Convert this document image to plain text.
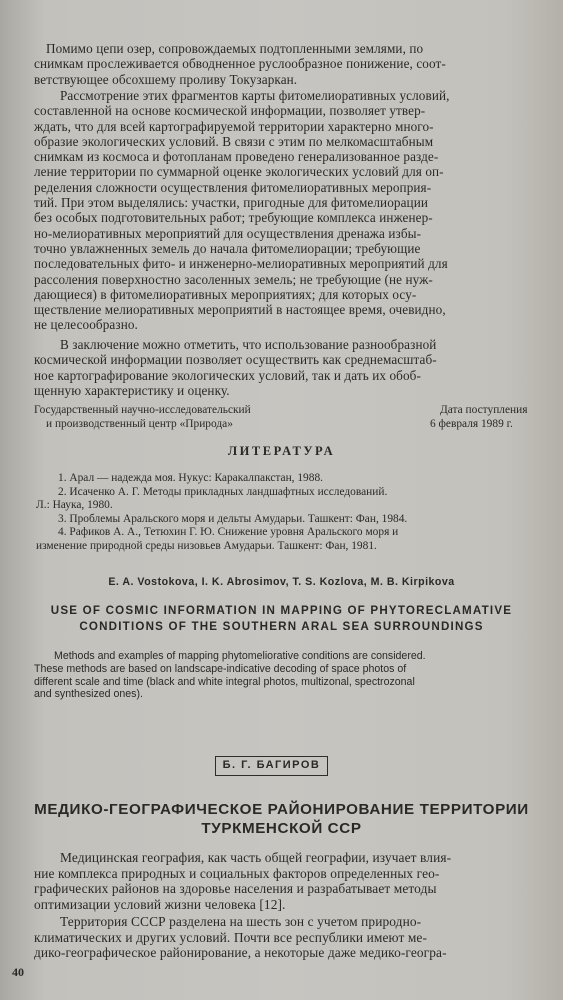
Помимо цепи озер, сопровождаемых подтопленными землями, по
снимкам прослеживается обводненное руслообразное понижение, соот-
ветствующее обсохшему проливу Токузаркан.
Рассмотрение этих фрагментов карты фитомелиоративных условий,
составленной на основе космической информации, позволяет утвер-
ждать, что для всей картографируемой территории характерно много-
образие экологических условий. В связи с этим по мелкомасштабным
снимкам из космоса и фотопланам проведено генерализованное разде-
ление территории по суммарной оценке экологических условий для оп-
ределения сложности осуществления фитомелиоративных мероприя-
тий. При этом выделялись: участки, пригодные для фитомелиорации
без особых подготовительных работ; требующие комплекса инженер-
но-мелиоративных мероприятий для осуществления дренажа избы-
точно увлажненных земель до начала фитомелиорации; требующие
последовательных фито- и инженерно-мелиоративных мероприятий для
рассоления поверхностно засоленных земель; не требующие (не нуж-
дающиеся) в фитомелиоративных мероприятиях; для которых осу-
ществление мелиоративных мероприятий в настоящее время, очевидно,
не целесообразно.
В заключение можно отметить, что использование разнообразной
космической информации позволяет осуществить как среднемасштаб-
ное картографирование экологических условий, так и дать их обоб-
щенную характеристику и оценку.
Государственный научно-исследовательский
и производственный центр «Природа»
Дата поступления
6 февраля 1989 г.
ЛИТЕРАТУРА
1. Арал — надежда моя. Нукус: Каракалпакстан, 1988.
2. Исаченко А. Г. Методы прикладных ландшафтных исследований.
Л.: Наука, 1980.
3. Проблемы Аральского моря и дельты Амударьи. Ташкент: Фан, 1984.
4. Рафиков А. А., Тетюхин Г. Ю. Снижение уровня Аральского моря и
изменение природной среды низовьев Амударьи. Ташкент: Фан, 1981.
E. A. Vostokova, I. K. Abrosimov, T. S. Kozlova, M. B. Kirpikova
USE OF COSMIC INFORMATION IN MAPPING OF PHYTORECLAMATIVE
CONDITIONS OF THE SOUTHERN ARAL SEA SURROUNDINGS
Methods and examples of mapping phytomeliorative conditions are considered.
These methods are based on landscape-indicative decoding of space photos of
different scale and time (black and white integral photos, multizonal, spectrozonal
and synthesized ones).
Б. Г. БАГИРОВ
МЕДИКО-ГЕОГРАФИЧЕСКОЕ РАЙОНИРОВАНИЕ ТЕРРИТОРИИ
ТУРКМЕНСКОЙ ССР
Медицинская география, как часть общей географии, изучает влия-
ние комплекса природных и социальных факторов определенных гео-
графических районов на здоровье населения и разрабатывает методы
оптимизации условий жизни человека [12].
Территория СССР разделена на шесть зон с учетом природно-
климатических и других условий. Почти все республики имеют ме-
дико-географическое районирование, а некоторые даже медико-геогра-
40
